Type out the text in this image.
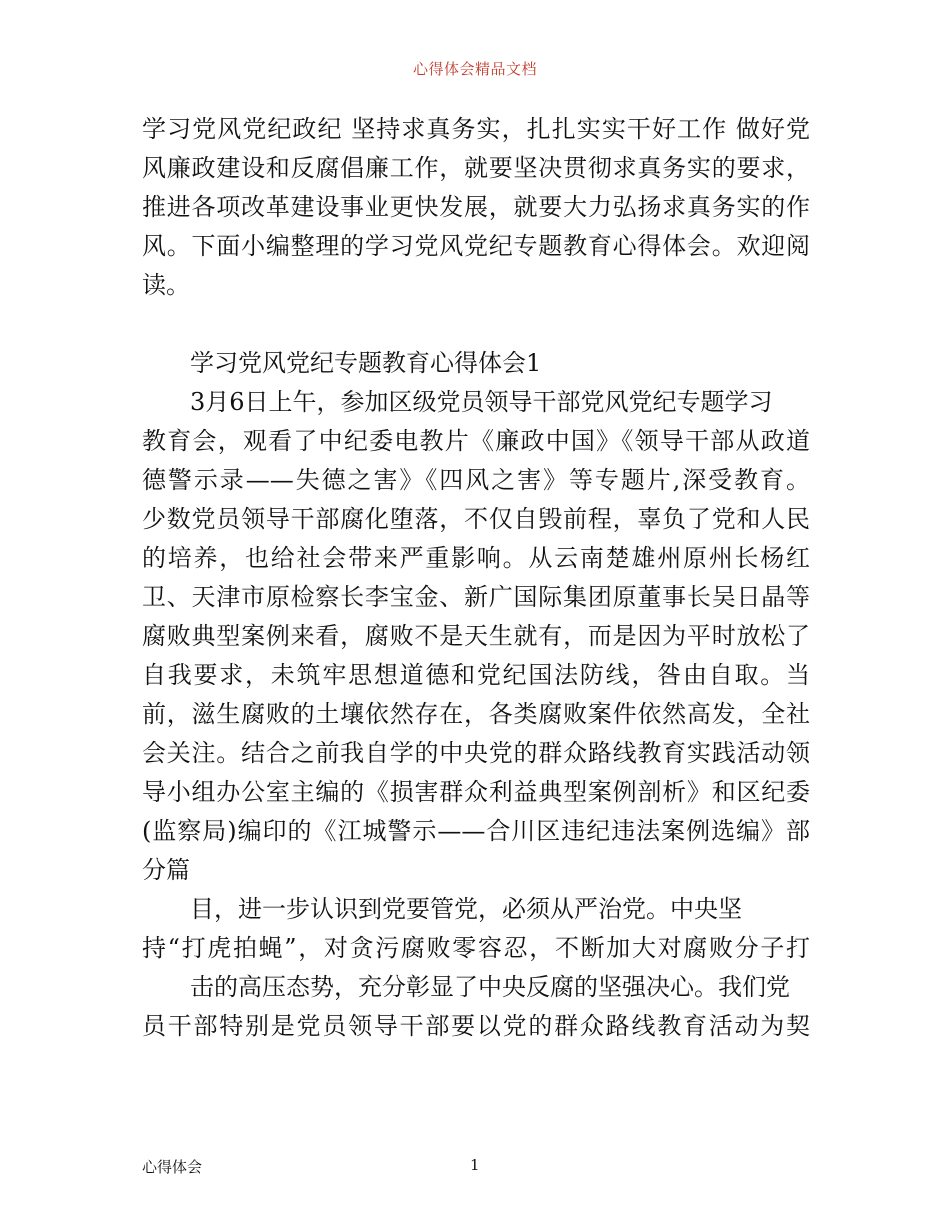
心得体会精品文档
学习党风党纪政纪 坚持求真务实，扎扎实实干好工作 做好党
风廉政建设和反腐倡廉工作，就要坚决贯彻求真务实的要求，
推进各项改革建设事业更快发展，就要大力弘扬求真务实的作
风。下面小编整理的学习党风党纪专题教育心得体会。欢迎阅
读。
学习党风党纪专题教育心得体会1
3月6日上午，参加区级党员领导干部党风党纪专题学习
教育会，观看了中纪委电教片《廉政中国》《领导干部从政道
德警示录——失德之害》《四风之害》等专题片,深受教育。
少数党员领导干部腐化堕落，不仅自毁前程，辜负了党和人民
的培养，也给社会带来严重影响。从云南楚雄州原州长杨红
卫、天津市原检察长李宝金、新广国际集团原董事长吴日晶等
腐败典型案例来看，腐败不是天生就有，而是因为平时放松了
自我要求，未筑牢思想道德和党纪国法防线，咎由自取。当
前，滋生腐败的土壤依然存在，各类腐败案件依然高发，全社
会关注。结合之前我自学的中央党的群众路线教育实践活动领
导小组办公室主编的《损害群众利益典型案例剖析》和区纪委
(监察局)编印的《江城警示——合川区违纪违法案例选编》部
分篇
目，进一步认识到党要管党，必须从严治党。中央坚
持“打虎拍蝇”，对贪污腐败零容忍，不断加大对腐败分子打
击的高压态势，充分彰显了中央反腐的坚强决心。我们党
员干部特别是党员领导干部要以党的群众路线教育活动为契
心得体会	1
